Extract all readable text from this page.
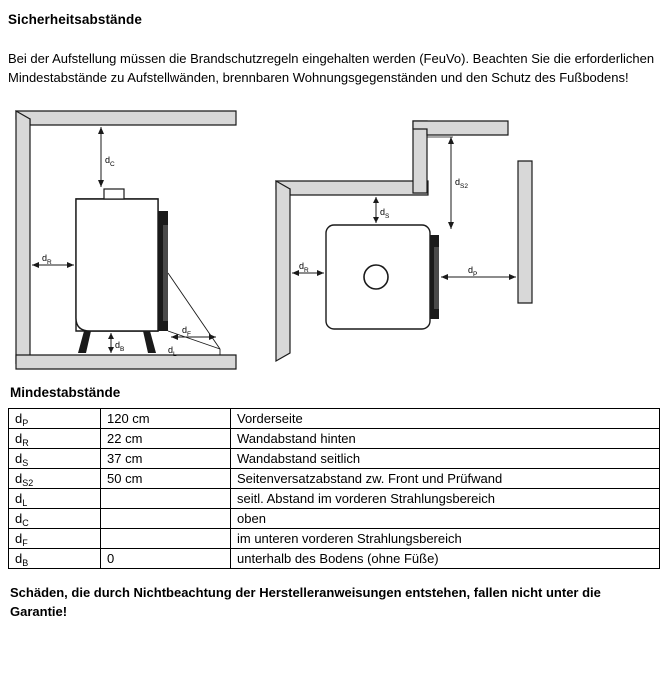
Sicherheitsabstände

Bei der Aufstellung müssen die Brandschutzregeln eingehalten werden (FeuVo). Beachten Sie die erforderlichen Mindestabstände zu Aufstellwänden, brennbaren Wohnungsgegenständen und den Schutz des Fußbodens!

$d_C$
$d_R$
$d_B$
$d_F$
$d_L$
$d_S$
$d_{S2}$
$d_R$	$d_P$
Mindestabstände
$d_P$	120 cm	Vorderseite
$d_R$	22 cm	Wandabstand hinten
$d_S$	37 cm	Wandabstand seitlich
$d_{S2}$	50 cm	Seitenversatzabstand zw. Front und Prüfwand
$d_L$		seitl. Abstand im vorderen Strahlungsbereich
$d_C$		oben
$d_F$		im unteren vorderen Strahlungsbereich
$d_B$	0	unterhalb des Bodens (ohne Füße)

Schäden, die durch Nichtbeachtung der Herstelleranweisungen entstehen, fallen nicht unter die Garantie!
